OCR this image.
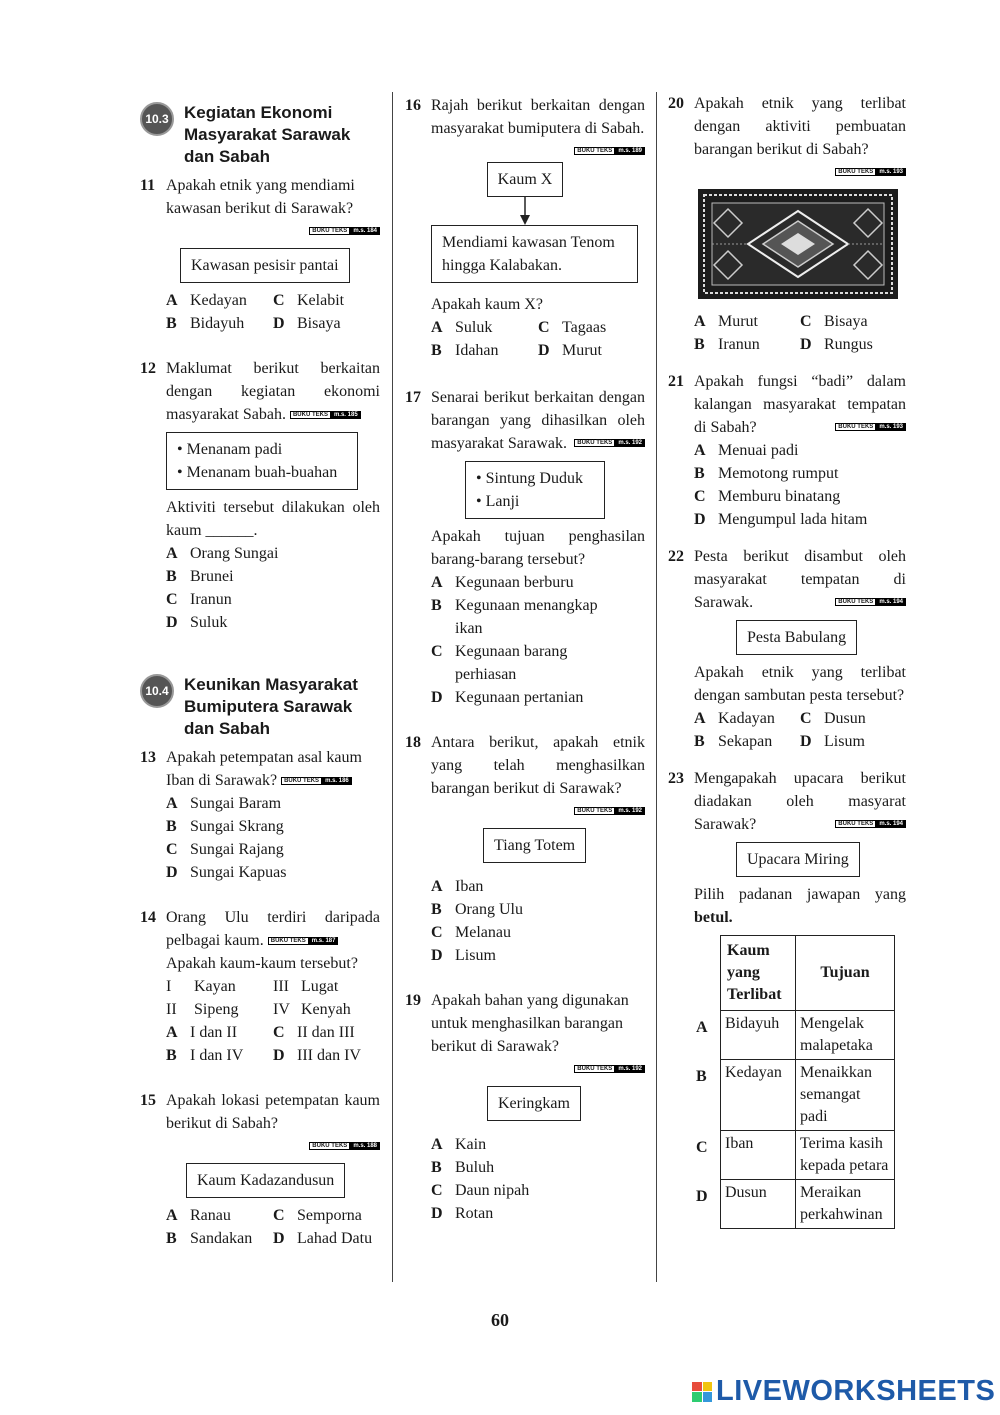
10.3 Kegiatan Ekonomi Masyarakat Sarawak dan Sabah
11 Apakah etnik yang mendiami kawasan berikut di Sarawak?
BUKU TEKS m.s. 184
Kawasan pesisir pantai
A Kedayan C Kelabit
B Bidayuh D Bisaya
12 Maklumat berikut berkaitan dengan kegiatan ekonomi masyarakat Sabah. BUKU TEKS m.s. 185
• Menanam padi
• Menanam buah-buahan
Aktiviti tersebut dilakukan oleh kaum ______.
A Orang Sungai
B Brunei
C Iranun
D Suluk
10.4 Keunikan Masyarakat Bumiputera Sarawak dan Sabah
13 Apakah petempatan asal kaum Iban di Sarawak? BUKU TEKS m.s. 186
A Sungai Baram
B Sungai Skrang
C Sungai Rajang
D Sungai Kapuas
14 Orang Ulu terdiri daripada pelbagai kaum. BUKU TEKS m.s. 187
Apakah kaum-kaum tersebut?
I	Kayan III Lugat
II	Sipeng IV Kenyah
A I dan II C II dan III
B I dan IV D III dan IV
15 Apakah lokasi petempatan kaum berikut di Sabah?
BUKU TEKS m.s. 188
Kaum Kadazandusun
A Ranau	C Semporna
B Sandakan D Lahad Datu
16 Rajah berikut berkaitan dengan masyarakat bumiputera di Sabah.
BUKU TEKS m.s. 189
Kaum X
Mendiami kawasan Tenom hingga Kalabakan.
Apakah kaum X?
A Suluk	C Tagaas
B Idahan D Murut
17 Senarai berikut berkaitan dengan barangan yang dihasilkan oleh masyarakat Sarawak.	BUKU TEKS m.s. 192
• Sintung Duduk
• Lanji
Apakah tujuan penghasilan barang-barang tersebut?
A Kegunaan berburu
B Kegunaan menangkap ikan
C Kegunaan barang perhiasan
D Kegunaan pertanian
18 Antara berikut, apakah etnik yang telah menghasilkan barangan berikut di Sarawak?
BUKU TEKS m.s. 192
Tiang Totem
A Iban
B Orang Ulu
C Melanau
D Lisum
19 Apakah bahan yang digunakan untuk menghasilkan barangan berikut di Sarawak?
BUKU TEKS m.s. 192
Keringkam
A Kain
B Buluh
C Daun nipah
D Rotan
20 Apakah etnik yang terlibat dengan aktiviti pembuatan barangan berikut di Sabah?
BUKU TEKS m.s. 193
A Murut	C Bisaya
B Iranun	D Rungus
21 Apakah fungsi “badi” dalam kalangan masyarakat tempatan di Sabah?	BUKU TEKS m.s. 193
A Menuai padi
B Memotong rumput
C Memburu binatang
D Mengumpul lada hitam
22 Pesta berikut disambut oleh masyarakat tempatan di Sarawak.	BUKU TEKS m.s. 194
Pesta Babulang
Apakah etnik yang terlibat dengan sambutan pesta tersebut?
A Kadayan C Dusun
B Sekapan D Lisum
23 Mengapakah upacara berikut diadakan oleh masyarat Sarawak?	BUKU TEKS m.s. 194
Upacara Miring
Pilih padanan jawapan yang betul.
	Kaum yang Terlibat	Tujuan
A	Bidayuh	Mengelak malapetaka
B	Kedayan	Menaikkan semangat padi
C	Iban	Terima kasih kepada petara
D	Dusun	Meraikan perkahwinan
60
LIVEWORKSHEETS
